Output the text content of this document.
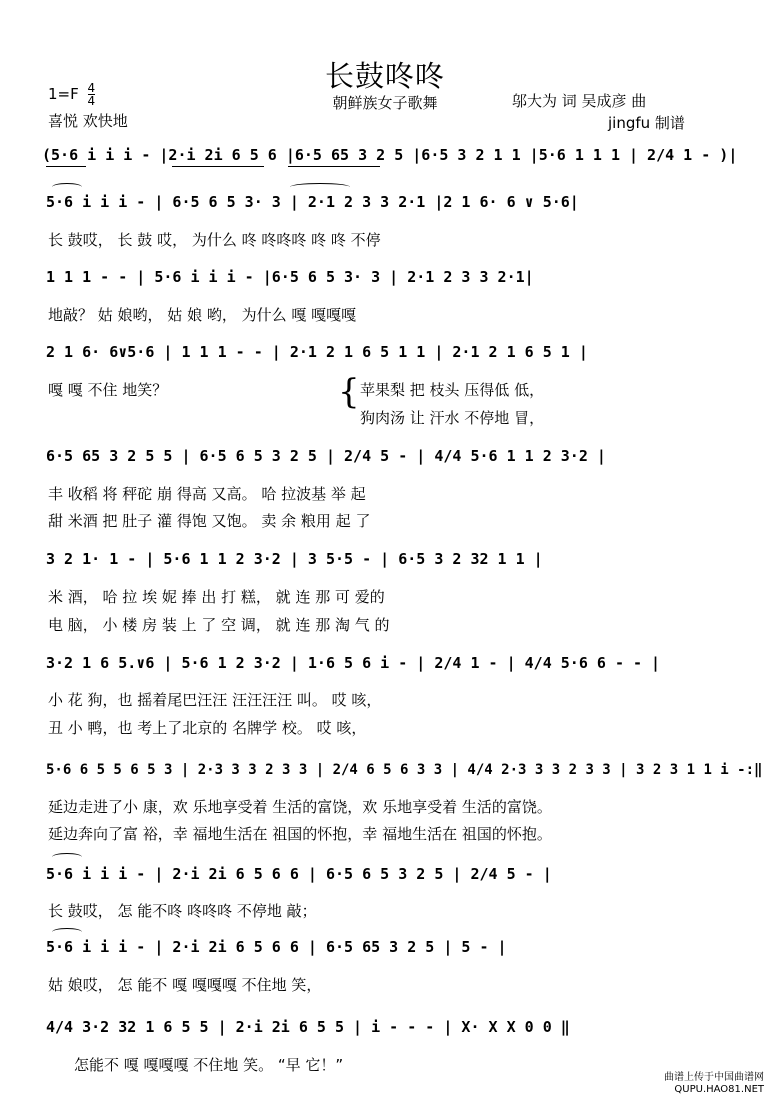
长鼓咚咚
朝鲜族女子歌舞
$1=F \frac{4}{4}$
喜悦 欢快地
邬大为 词 吴成彦 曲
jingfu 制谱
(5·6 i i i - |2·i 2i 6 5 6 |6·5 65 3 2 5 |6·5 3 2 1 1 |5·6 1 1 1 | 2/4 1 - )|
5·6 i i i - | 6·5 6 5 3· 3 | 2·1 2 3 3 2·1 |2 1 6· 6 ∨ 5·6|
长 鼓哎， 长 鼓 哎， 为什么 咚 咚咚咚 咚 咚 不停
1 1 1 - - | 5·6 i i i - |6·5 6 5 3· 3 | 2·1 2 3 3 2·1|
地敲？ 姑 娘哟， 姑 娘 哟， 为什么 嘎 嘎嘎嘎
2 1 6· 6∨5·6 | 1 1 1 - - | 2·1 2 1 6 5 1 1 | 2·1 2 1 6 5 1 |
嘎 嘎 不住 地笑？	{ 苹果梨 把 枝头 压得低 低，
狗肉汤 让 汗水 不停地 冒，
6·5 65 3 2 5 5 | 6·5 6 5 3 2 5 | 2/4 5 - | 4/4 5·6 1 1 2 3·2 |
丰 收稻 将 秤砣 崩 得高 又高。 哈 拉波基 举 起
甜 米酒 把 肚子 灌 得饱 又饱。 卖 余 粮用 起 了
3 2 1· 1 - | 5·6 1 1 2 3·2 | 3 5·5 - | 6·5 3 2 32 1 1 |
米 酒， 哈 拉 埃 妮 捧 出 打 糕， 就 连 那 可 爱的
电 脑， 小 楼 房 装 上 了 空 调， 就 连 那 淘 气 的
3·2 1 6 5.∨6 | 5·6 1 2 3·2 | 1·6 5 6 i - | 2/4 1 - | 4/4 5·6 6 - - |
小 花 狗，也 摇着尾巴汪汪 汪汪汪汪 叫。 哎 咳，
丑 小 鸭，也 考上了北京的 名牌学 校。 哎 咳，
5·6 6 5 5 6 5 3 | 2·3 3 3 2 3 3 | 2/4 6 5 6 3 3 | 4/4 2·3 3 3 2 3 3 | 3 2 3 1 1 i -:‖
延边走进了小 康，欢 乐地享受着 生活的富饶，欢 乐地享受着 生活的富饶。
延边奔向了富 裕，幸 福地生活在 祖国的怀抱，幸 福地生活在 祖国的怀抱。
5·6 i i i - | 2·i 2i 6 5 6 6 | 6·5 6 5 3 2 5 | 2/4 5 - |
长 鼓哎， 怎 能不咚 咚咚咚 不停地 敲；
5·6 i i i - | 2·i 2i 6 5 6 6 | 6·5 65 3 2 5 | 5 - |
姑 娘哎， 怎 能不 嘎 嘎嘎嘎 不住地 笑，
4/4 3·2 32 1 6 5 5 | 2·i 2i 6 5 5 | i - - - | X· X X 0 0 ‖
怎能不 嘎 嘎嘎嘎 不住地 笑。 “早 它！”
曲谱上传于中国曲谱网
QUPU.HAO81.NET
